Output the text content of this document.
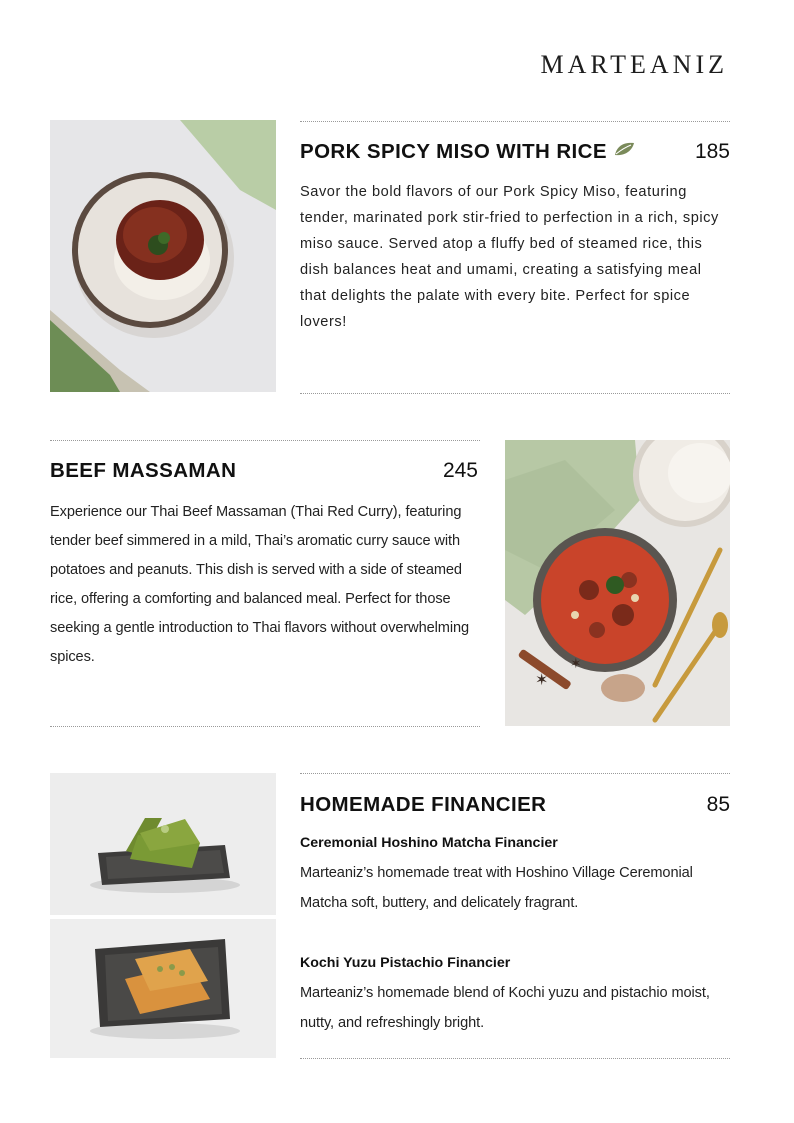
MARTEANIZ
PORK SPICY MISO WITH RICE	185
Savor the bold flavors of our Pork Spicy Miso, featuring tender, marinated pork stir-fried to perfection in a rich, spicy miso sauce. Served atop a fluffy bed of steamed rice, this dish balances heat and umami, creating a satisfying meal that delights the palate with every bite. Perfect for spice lovers!
BEEF MASSAMAN	245
Experience our Thai Beef Massaman (Thai Red Curry), featuring tender beef simmered in a mild, Thai’s aromatic curry sauce with potatoes and peanuts. This dish is served with a side of steamed rice, offering a comforting and balanced meal. Perfect for those seeking a gentle introduction to Thai flavors without overwhelming spices.
✶
✶
HOMEMADE FINANCIER	85
Ceremonial Hoshino Matcha Financier
Marteaniz’s homemade treat with Hoshino Village Ceremonial Matcha soft, buttery, and delicately fragrant.
Kochi Yuzu Pistachio Financier
Marteaniz’s homemade blend of Kochi yuzu and pistachio moist, nutty, and refreshingly bright.
